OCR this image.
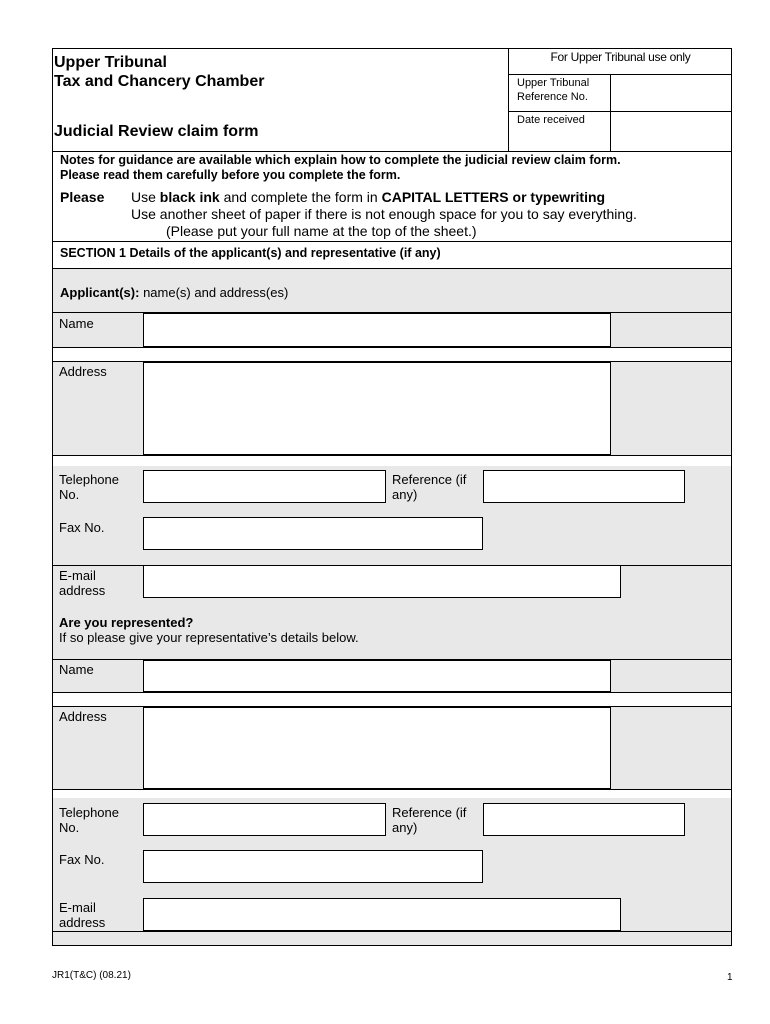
Upper Tribunal
Tax and Chancery Chamber
Judicial Review claim form
For Upper Tribunal use only
Upper Tribunal Reference No.
Date received
Notes for guidance are available which explain how to complete the judicial review claim form.
Please read them carefully before you complete the form.
Please Use black ink and complete the form in CAPITAL LETTERS or typewriting
Use another sheet of paper if there is not enough space for you to say everything.
(Please put your full name at the top of the sheet.)
SECTION 1 Details of the applicant(s) and representative (if any)
Applicant(s): name(s) and address(es)
Name
Address
Telephone No.
Reference (if any)
Fax No.
E-mail address
Are you represented?
If so please give your representative’s details below.
Name
Address
Telephone No.
Reference (if any)
Fax No.
E-mail address
JR1(T&C) (08.21)	1
